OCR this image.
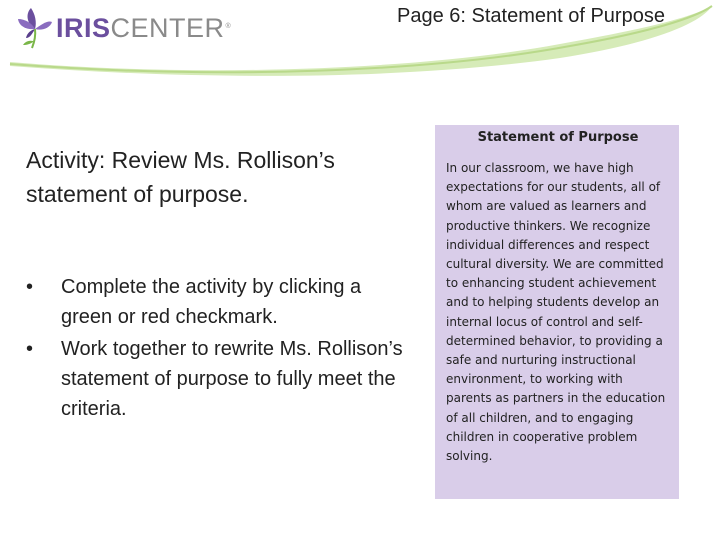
IRISCENTER®	Page 6: Statement of Purpose
Activity: Review Ms. Rollison’s statement of purpose.
• Complete the activity by clicking a green or red checkmark.
• Work together to rewrite Ms. Rollison’s statement of purpose to fully meet the criteria.
Statement of Purpose
In our classroom, we have high expectations for our students, all of whom are valued as learners and productive thinkers. We recognize individual differences and respect cultural diversity. We are committed to enhancing student achievement and to helping students develop an internal locus of control and self-determined behavior, to providing a safe and nurturing instructional environment, to working with parents as partners in the education of all children, and to engaging children in cooperative problem solving.
